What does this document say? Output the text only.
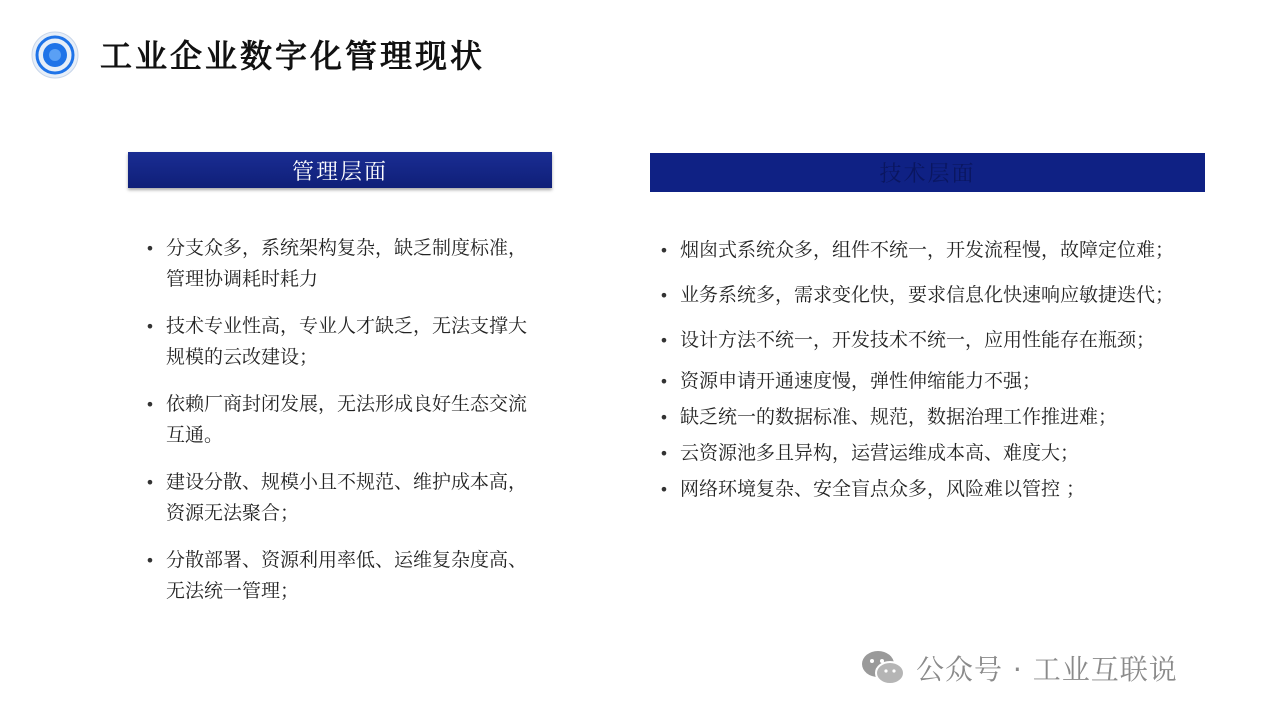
工业企业数字化管理现状
管理层面
• 分支众多，系统架构复杂，缺乏制度标准，管理协调耗时耗力
• 技术专业性高，专业人才缺乏，无法支撑大规模的云改建设；
• 依赖厂商封闭发展，无法形成良好生态交流互通。
• 建设分散、规模小且不规范、维护成本高，资源无法聚合；
• 分散部署、资源利用率低、运维复杂度高、无法统一管理；
技术层面
• 烟囱式系统众多，组件不统一，开发流程慢，故障定位难；
• 业务系统多，需求变化快，要求信息化快速响应敏捷迭代；
• 设计方法不统一，开发技术不统一，应用性能存在瓶颈；
• 资源申请开通速度慢，弹性伸缩能力不强；
• 缺乏统一的数据标准、规范，数据治理工作推进难；
• 云资源池多且异构，运营运维成本高、难度大；
• 网络环境复杂、安全盲点众多，风险难以管控 ；
公众号 · 工业互联说
